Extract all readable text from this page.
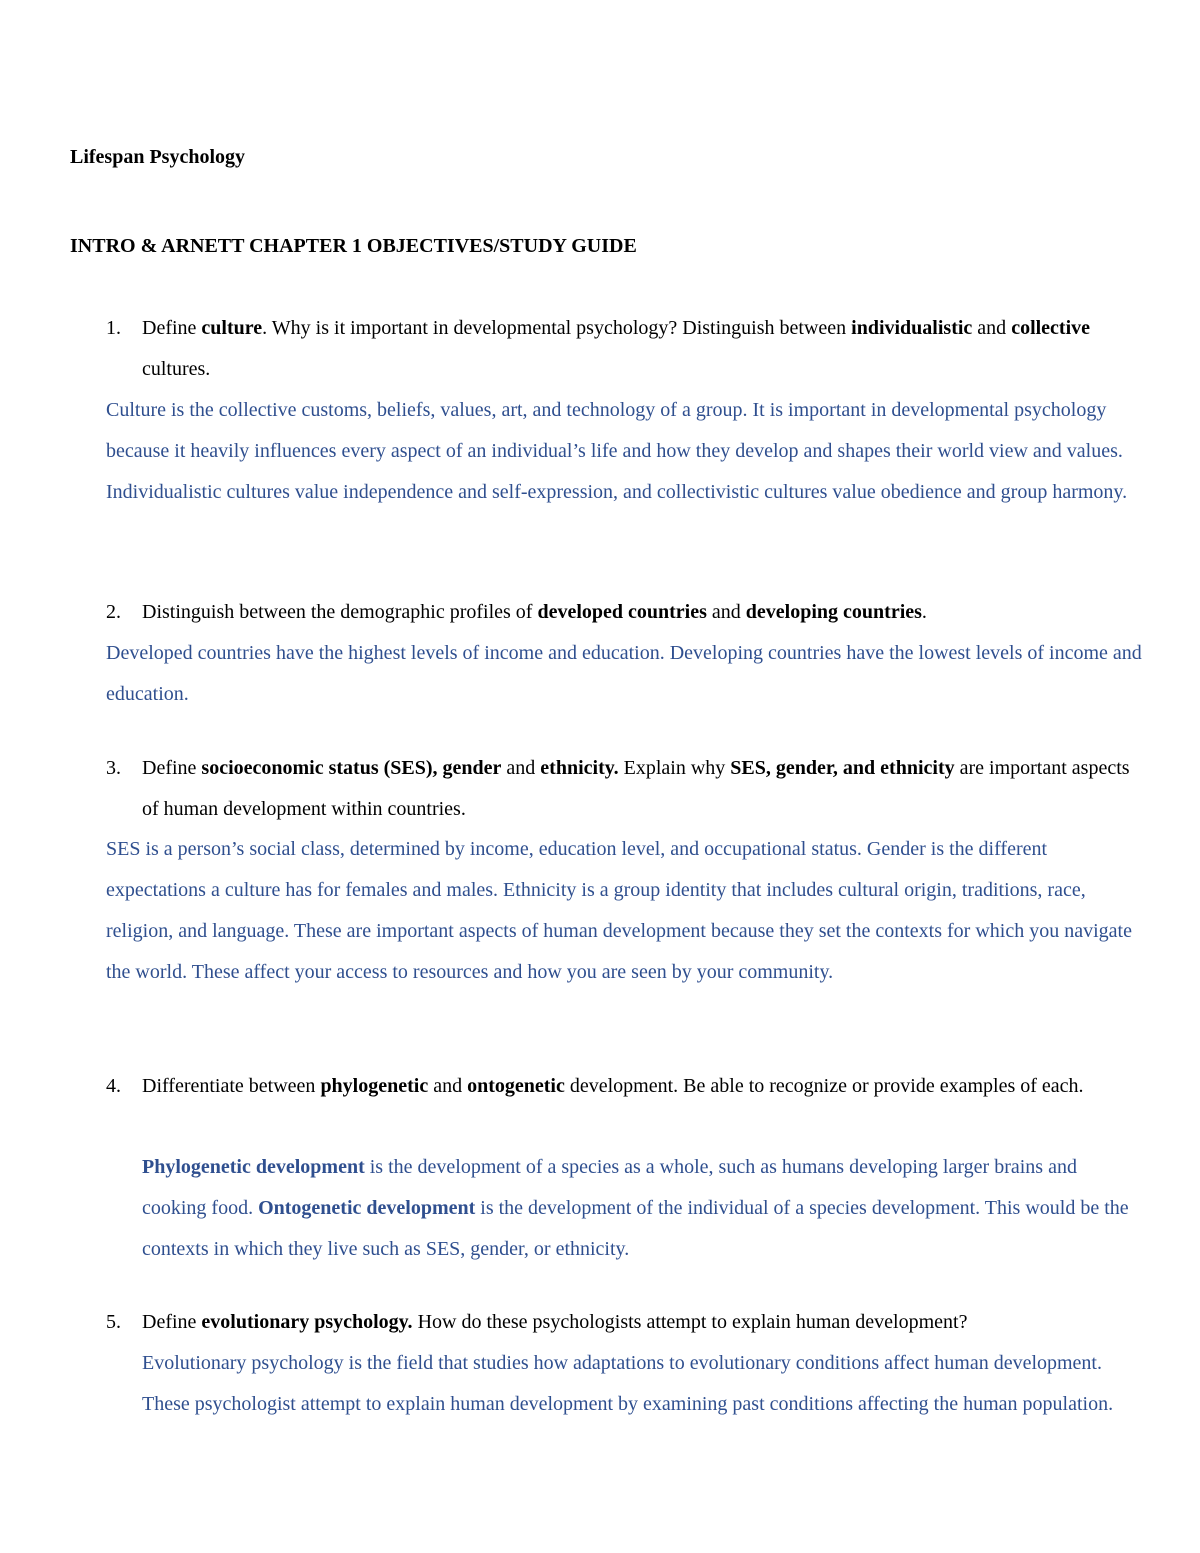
Lifespan Psychology
INTRO & ARNETT CHAPTER 1 OBJECTIVES/STUDY GUIDE
1. Define culture. Why is it important in developmental psychology? Distinguish between individualistic and collective cultures.
Culture is the collective customs, beliefs, values, art, and technology of a group. It is important in developmental psychology because it heavily influences every aspect of an individual’s life and how they develop and shapes their world view and values. Individualistic cultures value independence and self-expression, and collectivistic cultures value obedience and group harmony.
2. Distinguish between the demographic profiles of developed countries and developing countries.
Developed countries have the highest levels of income and education. Developing countries have the lowest levels of income and education.
3. Define socioeconomic status (SES), gender and ethnicity. Explain why SES, gender, and ethnicity are important aspects of human development within countries.
SES is a person’s social class, determined by income, education level, and occupational status. Gender is the different expectations a culture has for females and males. Ethnicity is a group identity that includes cultural origin, traditions, race, religion, and language. These are important aspects of human development because they set the contexts for which you navigate the world. These affect your access to resources and how you are seen by your community.
4. Differentiate between phylogenetic and ontogenetic development. Be able to recognize or provide examples of each.
Phylogenetic development is the development of a species as a whole, such as humans developing larger brains and cooking food. Ontogenetic development is the development of the individual of a species development. This would be the contexts in which they live such as SES, gender, or ethnicity.
5. Define evolutionary psychology. How do these psychologists attempt to explain human development?
Evolutionary psychology is the field that studies how adaptations to evolutionary conditions affect human development. These psychologist attempt to explain human development by examining past conditions affecting the human population.
